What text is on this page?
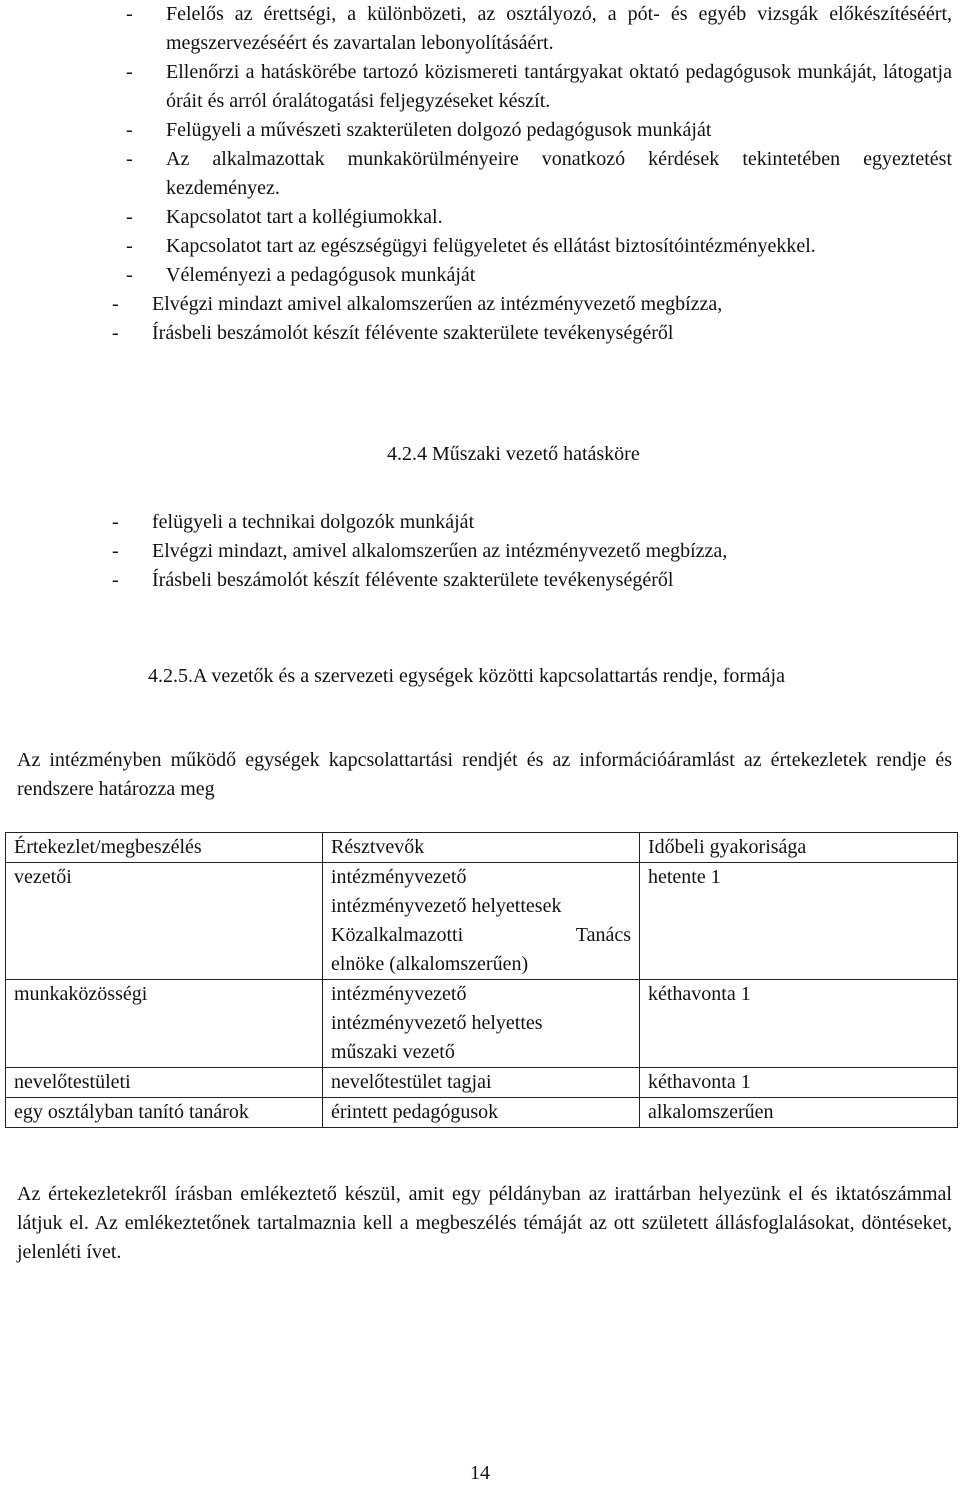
- Felelős az érettségi, a különbözeti, az osztályozó, a pót- és egyéb vizsgák előkészítéséért, megszervezéséért és zavartalan lebonyolításáért.
- Ellenőrzi a hatáskörébe tartozó közismereti tantárgyakat oktató pedagógusok munkáját, látogatja óráit és arról óralátogatási feljegyzéseket készít.
- Felügyeli a művészeti szakterületen dolgozó pedagógusok munkáját
- Az alkalmazottak munkakörülményeire vonatkozó kérdések tekintetében egyeztetést kezdeményez.
- Kapcsolatot tart a kollégiumokkal.
- Kapcsolatot tart az egészségügyi felügyeletet és ellátást biztosítóintézményekkel.
- Véleményezi a pedagógusok munkáját
- Elvégzi mindazt amivel alkalomszerűen az intézményvezető megbízza,
- Írásbeli beszámolót készít félévente szakterülete tevékenységéről
4.2.4 Műszaki vezető hatásköre
- felügyeli a technikai dolgozók munkáját
- Elvégzi mindazt, amivel alkalomszerűen az intézményvezető megbízza,
- Írásbeli beszámolót készít félévente szakterülete tevékenységéről
4.2.5.A vezetők és a szervezeti egységek közötti kapcsolattartás rendje, formája

Az intézményben működő egységek kapcsolattartási rendjét és az információáramlást az értekezletek rendje és rendszere határozza meg

Értekezlet/megbeszélés	Résztvevők	Időbeli gyakorisága
vezetői	intézményvezető
intézményvezető helyettesek
Közalkalmazotti Tanács
elnöke (alkalomszerűen)	hetente 1
munkaközösségi	intézményvezető
intézményvezető helyettes
műszaki vezető	kéthavonta 1
nevelőtestületi	nevelőtestület tagjai	kéthavonta 1
egy osztályban tanító tanárok	érintett pedagógusok	alkalomszerűen

Az értekezletekről írásban emlékeztető készül, amit egy példányban az irattárban helyezünk el és iktatószámmal látjuk el. Az emlékeztetőnek tartalmaznia kell a megbeszélés témáját az ott született állásfoglalásokat, döntéseket, jelenléti ívet.

14
